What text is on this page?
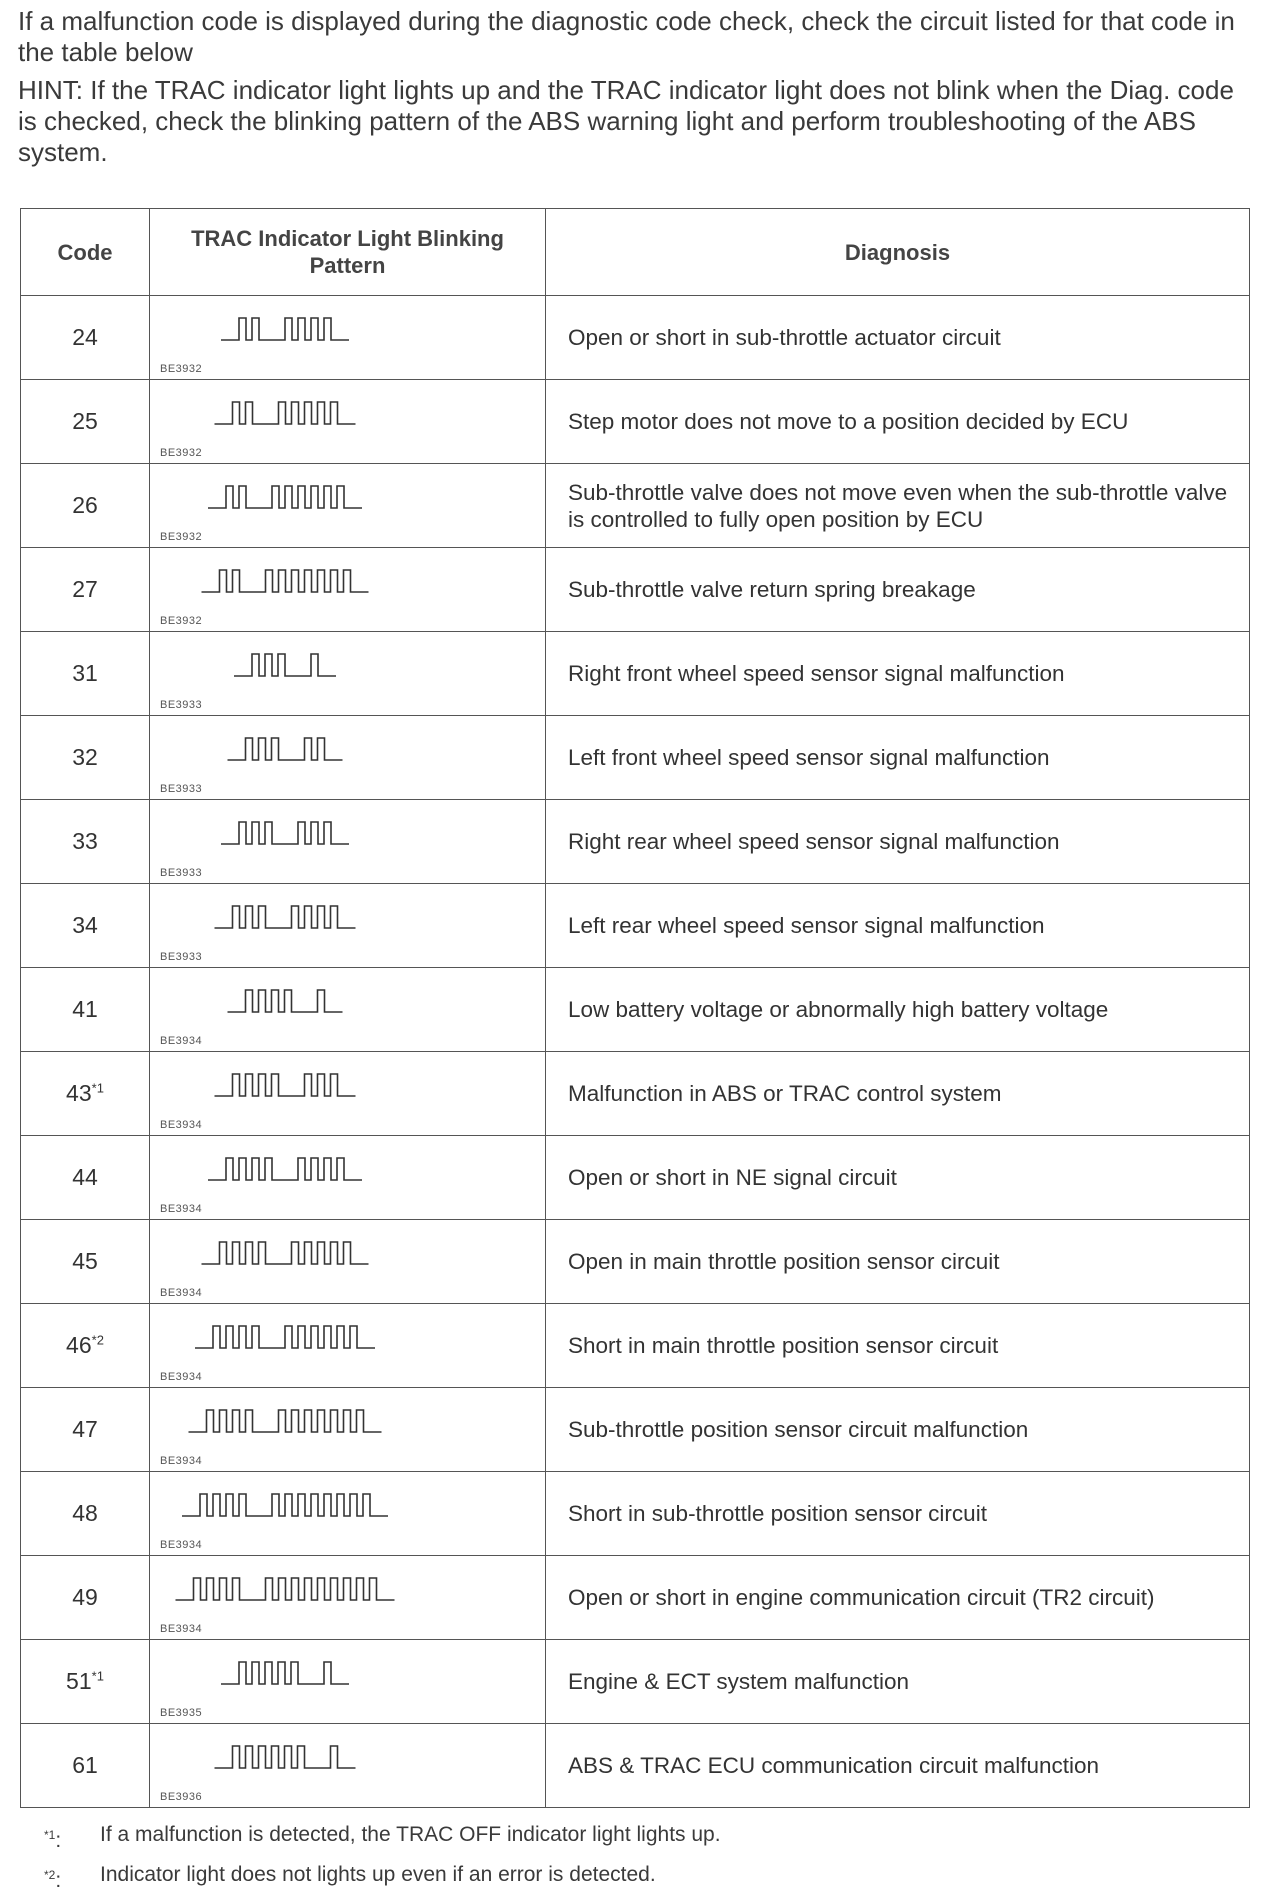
If a malfunction code is displayed during the diagnostic code check, check the circuit listed for that code in the table below

HINT: If the TRAC indicator light lights up and the TRAC indicator light does not blink when the Diag. code is checked, check the blinking pattern of the ABS warning light and perform troubleshooting of the ABS system.

Code	TRAC Indicator Light Blinking Pattern	Diagnosis
24	BE3932	Open or short in sub-throttle actuator circuit
25	BE3932	Step motor does not move to a position decided by ECU
26	BE3932	Sub-throttle valve does not move even when the sub-throttle valve is controlled to fully open position by ECU
27	BE3932	Sub-throttle valve return spring breakage
31	BE3933	Right front wheel speed sensor signal malfunction
32	BE3933	Left front wheel speed sensor signal malfunction
33	BE3933	Right rear wheel speed sensor signal malfunction
34	BE3933	Left rear wheel speed sensor signal malfunction
41	BE3934	Low battery voltage or abnormally high battery voltage
43$^{*1}$	BE3934	Malfunction in ABS or TRAC control system
44	BE3934	Open or short in NE signal circuit
45	BE3934	Open in main throttle position sensor circuit
46$^{*2}$	BE3934	Short in main throttle position sensor circuit
47	BE3934	Sub-throttle position sensor circuit malfunction
48	BE3934	Short in sub-throttle position sensor circuit
49	BE3934	Open or short in engine communication circuit (TR2 circuit)
51$^{*1}$	BE3935	Engine & ECT system malfunction
61	BE3936	ABS & TRAC ECU communication circuit malfunction
$^{*1}$:	If a malfunction is detected, the TRAC OFF indicator light lights up.
$^{*2}$:	Indicator light does not lights up even if an error is detected.
